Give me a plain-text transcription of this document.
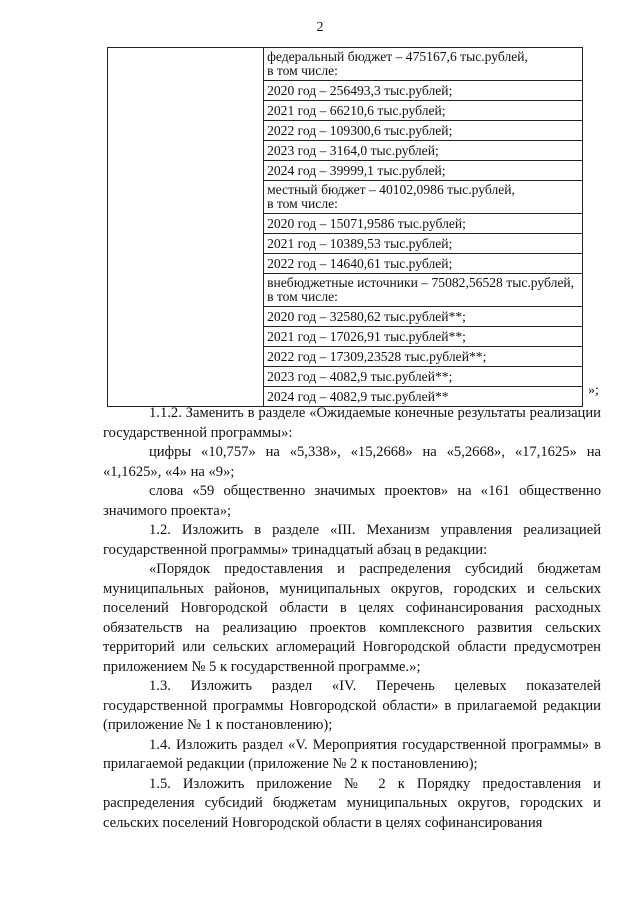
2

федеральный бюджет – 475167,6 тыс.рублей,
в том числе:
2020 год – 256493,3 тыс.рублей;
2021 год – 66210,6 тыс.рублей;
2022 год – 109300,6 тыс.рублей;
2023 год – 3164,0 тыс.рублей;
2024 год – 39999,1 тыс.рублей;
местный бюджет – 40102,0986 тыс.рублей,
в том числе:
2020 год – 15071,9586 тыс.рублей;
2021 год – 10389,53 тыс.рублей;
2022 год – 14640,61 тыс.рублей;
внебюджетные источники – 75082,56528 тыс.рублей,
в том числе:
2020 год – 32580,62 тыс.рублей**;
2021 год – 17026,91 тыс.рублей**;
2022 год – 17309,23528 тыс.рублей**;
2023 год – 4082,9 тыс.рублей**;
2024 год – 4082,9 тыс.рублей**	»;

1.1.2. Заменить в разделе «Ожидаемые конечные результаты реализации государственной программы»:

цифры «10,757» на «5,338», «15,2668» на «5,2668», «17,1625» на «1,1625», «4» на «9»;

слова «59 общественно значимых проектов» на «161 общественно значимого проекта»;

1.2. Изложить в разделе «III. Механизм управления реализацией государственной программы» тринадцатый абзац в редакции:

«Порядок предоставления и распределения субсидий бюджетам муниципальных районов, муниципальных округов, городских и сельских поселений Новгородской области в целях софинансирования расходных обязательств на реализацию проектов комплексного развития сельских территорий или сельских агломераций Новгородской области предусмотрен приложением № 5 к государственной программе.»;

1.3. Изложить раздел «IV. Перечень целевых показателей государственной программы Новгородской области» в прилагаемой редакции (приложение № 1 к постановлению);

1.4. Изложить раздел «V. Мероприятия государственной программы» в прилагаемой редакции (приложение № 2 к постановлению);

1.5. Изложить приложение № 2 к Порядку предоставления и распределения субсидий бюджетам муниципальных округов, городских и сельских поселений Новгородской области в целях софинансирования
